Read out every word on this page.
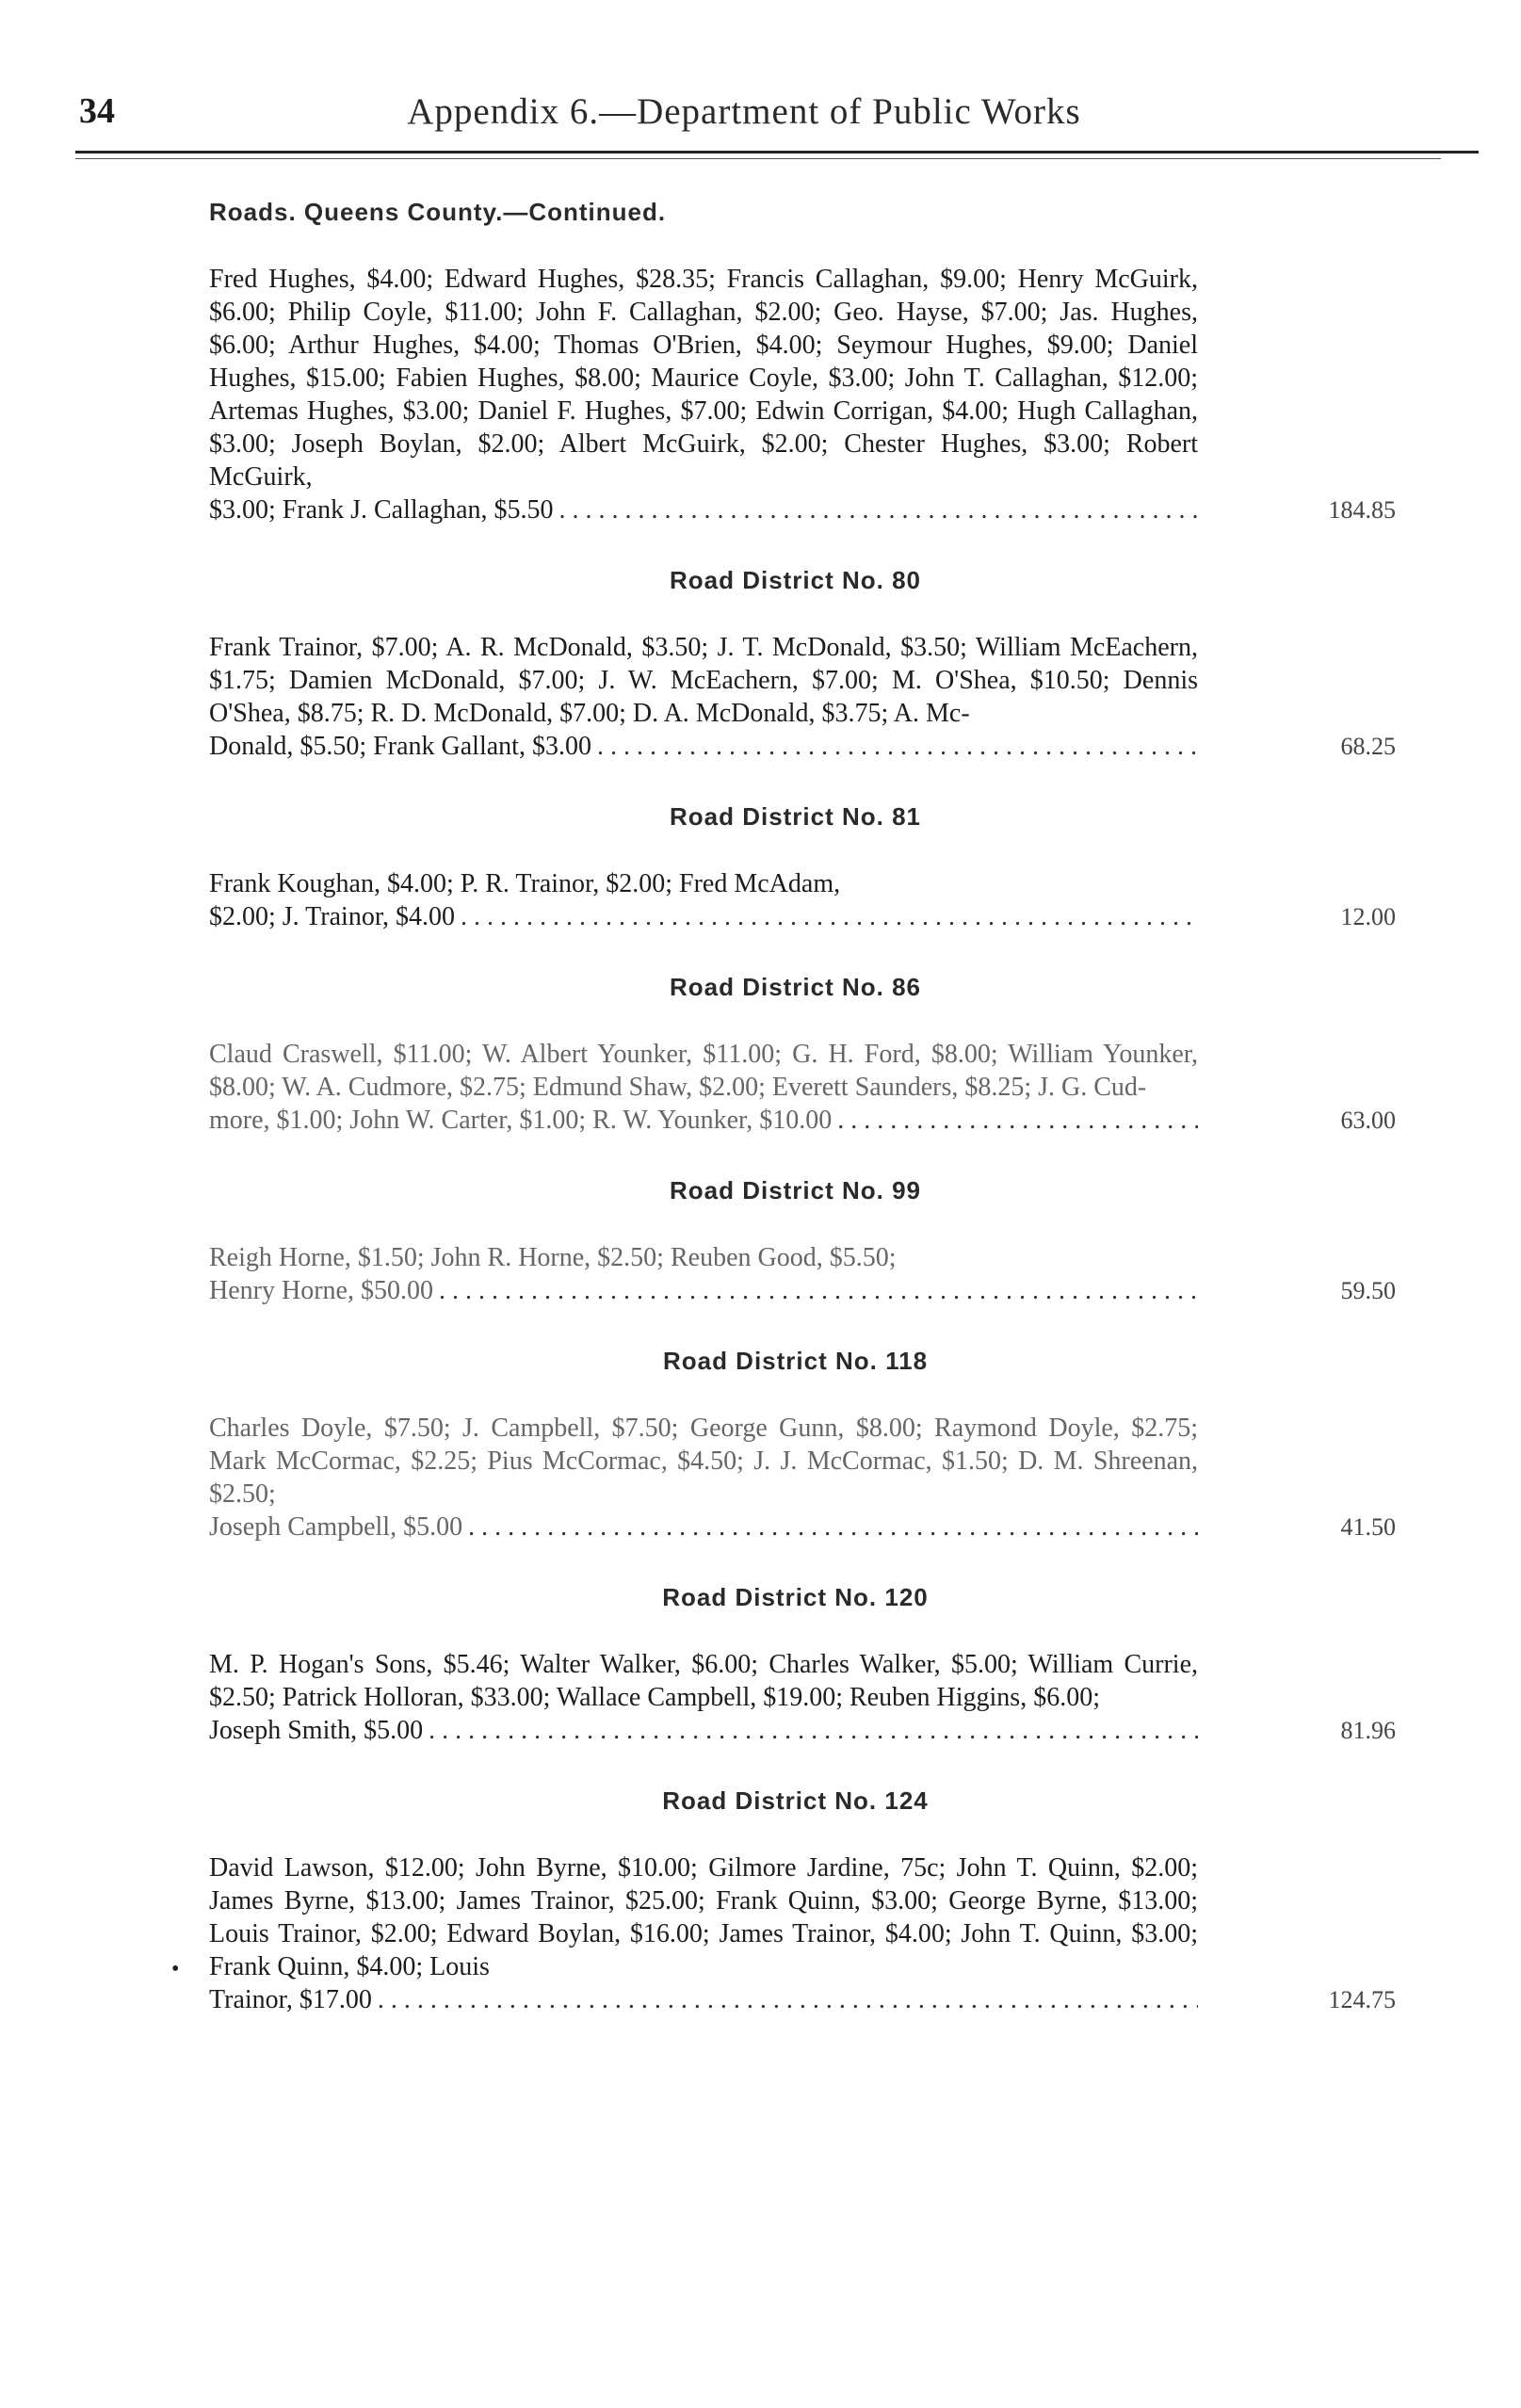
34	Appendix 6.—Department of Public Works
Roads. Queens County.—Continued.
Fred Hughes, $4.00; Edward Hughes, $28.35; Francis Callaghan, $9.00; Henry McGuirk, $6.00; Philip Coyle, $11.00; John F. Callaghan, $2.00; Geo. Hayse, $7.00; Jas. Hughes, $6.00; Arthur Hughes, $4.00; Thomas O'Brien, $4.00; Seymour Hughes, $9.00; Daniel Hughes, $15.00; Fabien Hughes, $8.00; Maurice Coyle, $3.00; John T. Callaghan, $12.00; Artemas Hughes, $3.00; Daniel F. Hughes, $7.00; Edwin Corrigan, $4.00; Hugh Callaghan, $3.00; Joseph Boylan, $2.00; Albert McGuirk, $2.00; Chester Hughes, $3.00; Robert McGuirk,
$3.00; Frank J. Callaghan, $5.50 . . .	184.85
Road District No. 80
Frank Trainor, $7.00; A. R. McDonald, $3.50; J. T. McDonald, $3.50; William McEachern, $1.75; Damien McDonald, $7.00; J. W. McEachern, $7.00; M. O'Shea, $10.50; Dennis O'Shea, $8.75; R. D. McDonald, $7.00; D. A. McDonald, $3.75; A. Mc-
Donald, $5.50; Frank Gallant, $3.00 . . .	68.25
Road District No. 81
Frank Koughan, $4.00; P. R. Trainor, $2.00; Fred McAdam,
$2.00; J. Trainor, $4.00 . . .	12.00
Road District No. 86
Claud Craswell, $11.00; W. Albert Younker, $11.00; G. H. Ford, $8.00; William Younker, $8.00; W. A. Cudmore, $2.75; Edmund Shaw, $2.00; Everett Saunders, $8.25; J. G. Cud-
more, $1.00; John W. Carter, $1.00; R. W. Younker, $10.00 . . .	63.00
Road District No. 99
Reigh Horne, $1.50; John R. Horne, $2.50; Reuben Good, $5.50;
Henry Horne, $50.00 . . .	59.50
Road District No. 118
Charles Doyle, $7.50; J. Campbell, $7.50; George Gunn, $8.00; Raymond Doyle, $2.75; Mark McCormac, $2.25; Pius McCormac, $4.50; J. J. McCormac, $1.50; D. M. Shreenan, $2.50;
Joseph Campbell, $5.00 . . .	41.50
Road District No. 120
M. P. Hogan's Sons, $5.46; Walter Walker, $6.00; Charles Walker, $5.00; William Currie, $2.50; Patrick Holloran, $33.00; Wallace Campbell, $19.00; Reuben Higgins, $6.00;
Joseph Smith, $5.00 . . .	81.96
Road District No. 124
•
David Lawson, $12.00; John Byrne, $10.00; Gilmore Jardine, 75c; John T. Quinn, $2.00; James Byrne, $13.00; James Trainor, $25.00; Frank Quinn, $3.00; George Byrne, $13.00; Louis Trainor, $2.00; Edward Boylan, $16.00; James Trainor, $4.00; John T. Quinn, $3.00; Frank Quinn, $4.00; Louis
Trainor, $17.00 . . .	124.75
